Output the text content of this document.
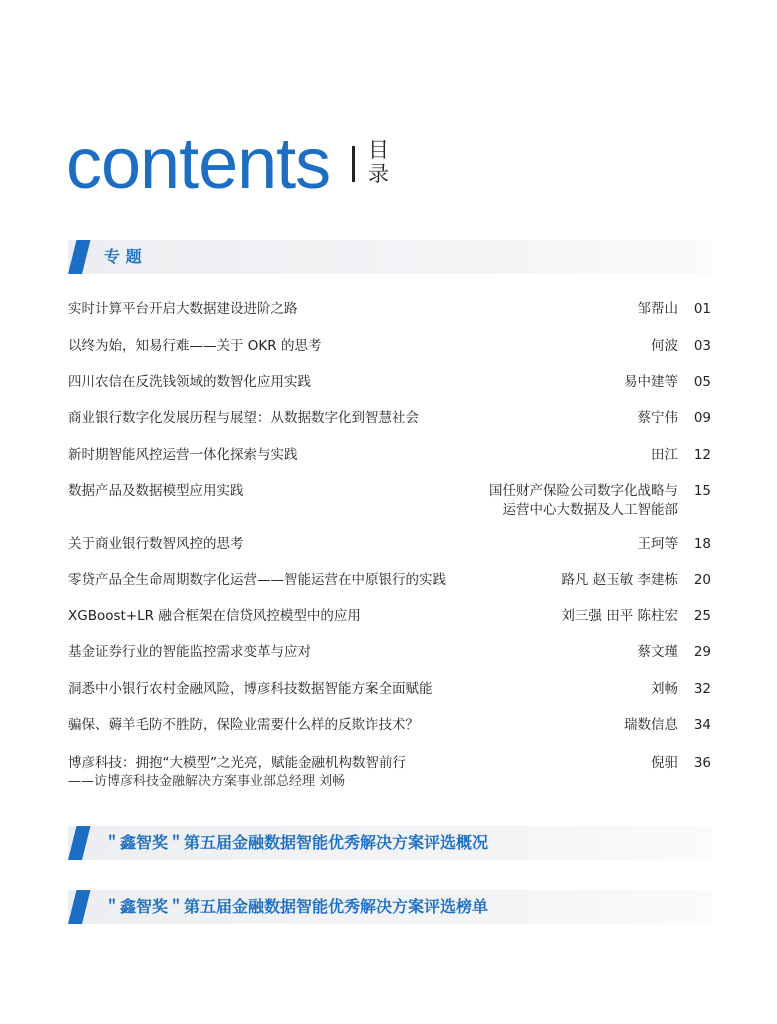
contents 目录
专 题
实时计算平台开启大数据建设进阶之路	邹帮山	01
以终为始，知易行难——关于 OKR 的思考	何波	03
四川农信在反洗钱领域的数智化应用实践	易中建等	05
商业银行数字化发展历程与展望：从数据数字化到智慧社会	蔡宁伟	09
新时期智能风控运营一体化探索与实践	田江	12
数据产品及数据模型应用实践	国任财产保险公司数字化战略与
运营中心大数据及人工智能部
15
关于商业银行数智风控的思考	王珂等	18
零贷产品全生命周期数字化运营——智能运营在中原银行的实践	路凡 赵玉敏 李建栋	20
XGBoost+LR 融合框架在信贷风控模型中的应用	刘三强 田平 陈柱宏	25
基金证券行业的智能监控需求变革与应对	蔡文瑾	29
洞悉中小银行农村金融风险，博彦科技数据智能方案全面赋能	刘畅	32
骗保、薅羊毛防不胜防，保险业需要什么样的反欺诈技术？	瑞数信息	34
博彦科技：拥抱“大模型”之光亮，赋能金融机构数智前行
——访博彦科技金融解决方案事业部总经理 刘畅
倪驲	36
＂鑫智奖＂第五届金融数据智能优秀解决方案评选概况
＂鑫智奖＂第五届金融数据智能优秀解决方案评选榜单
